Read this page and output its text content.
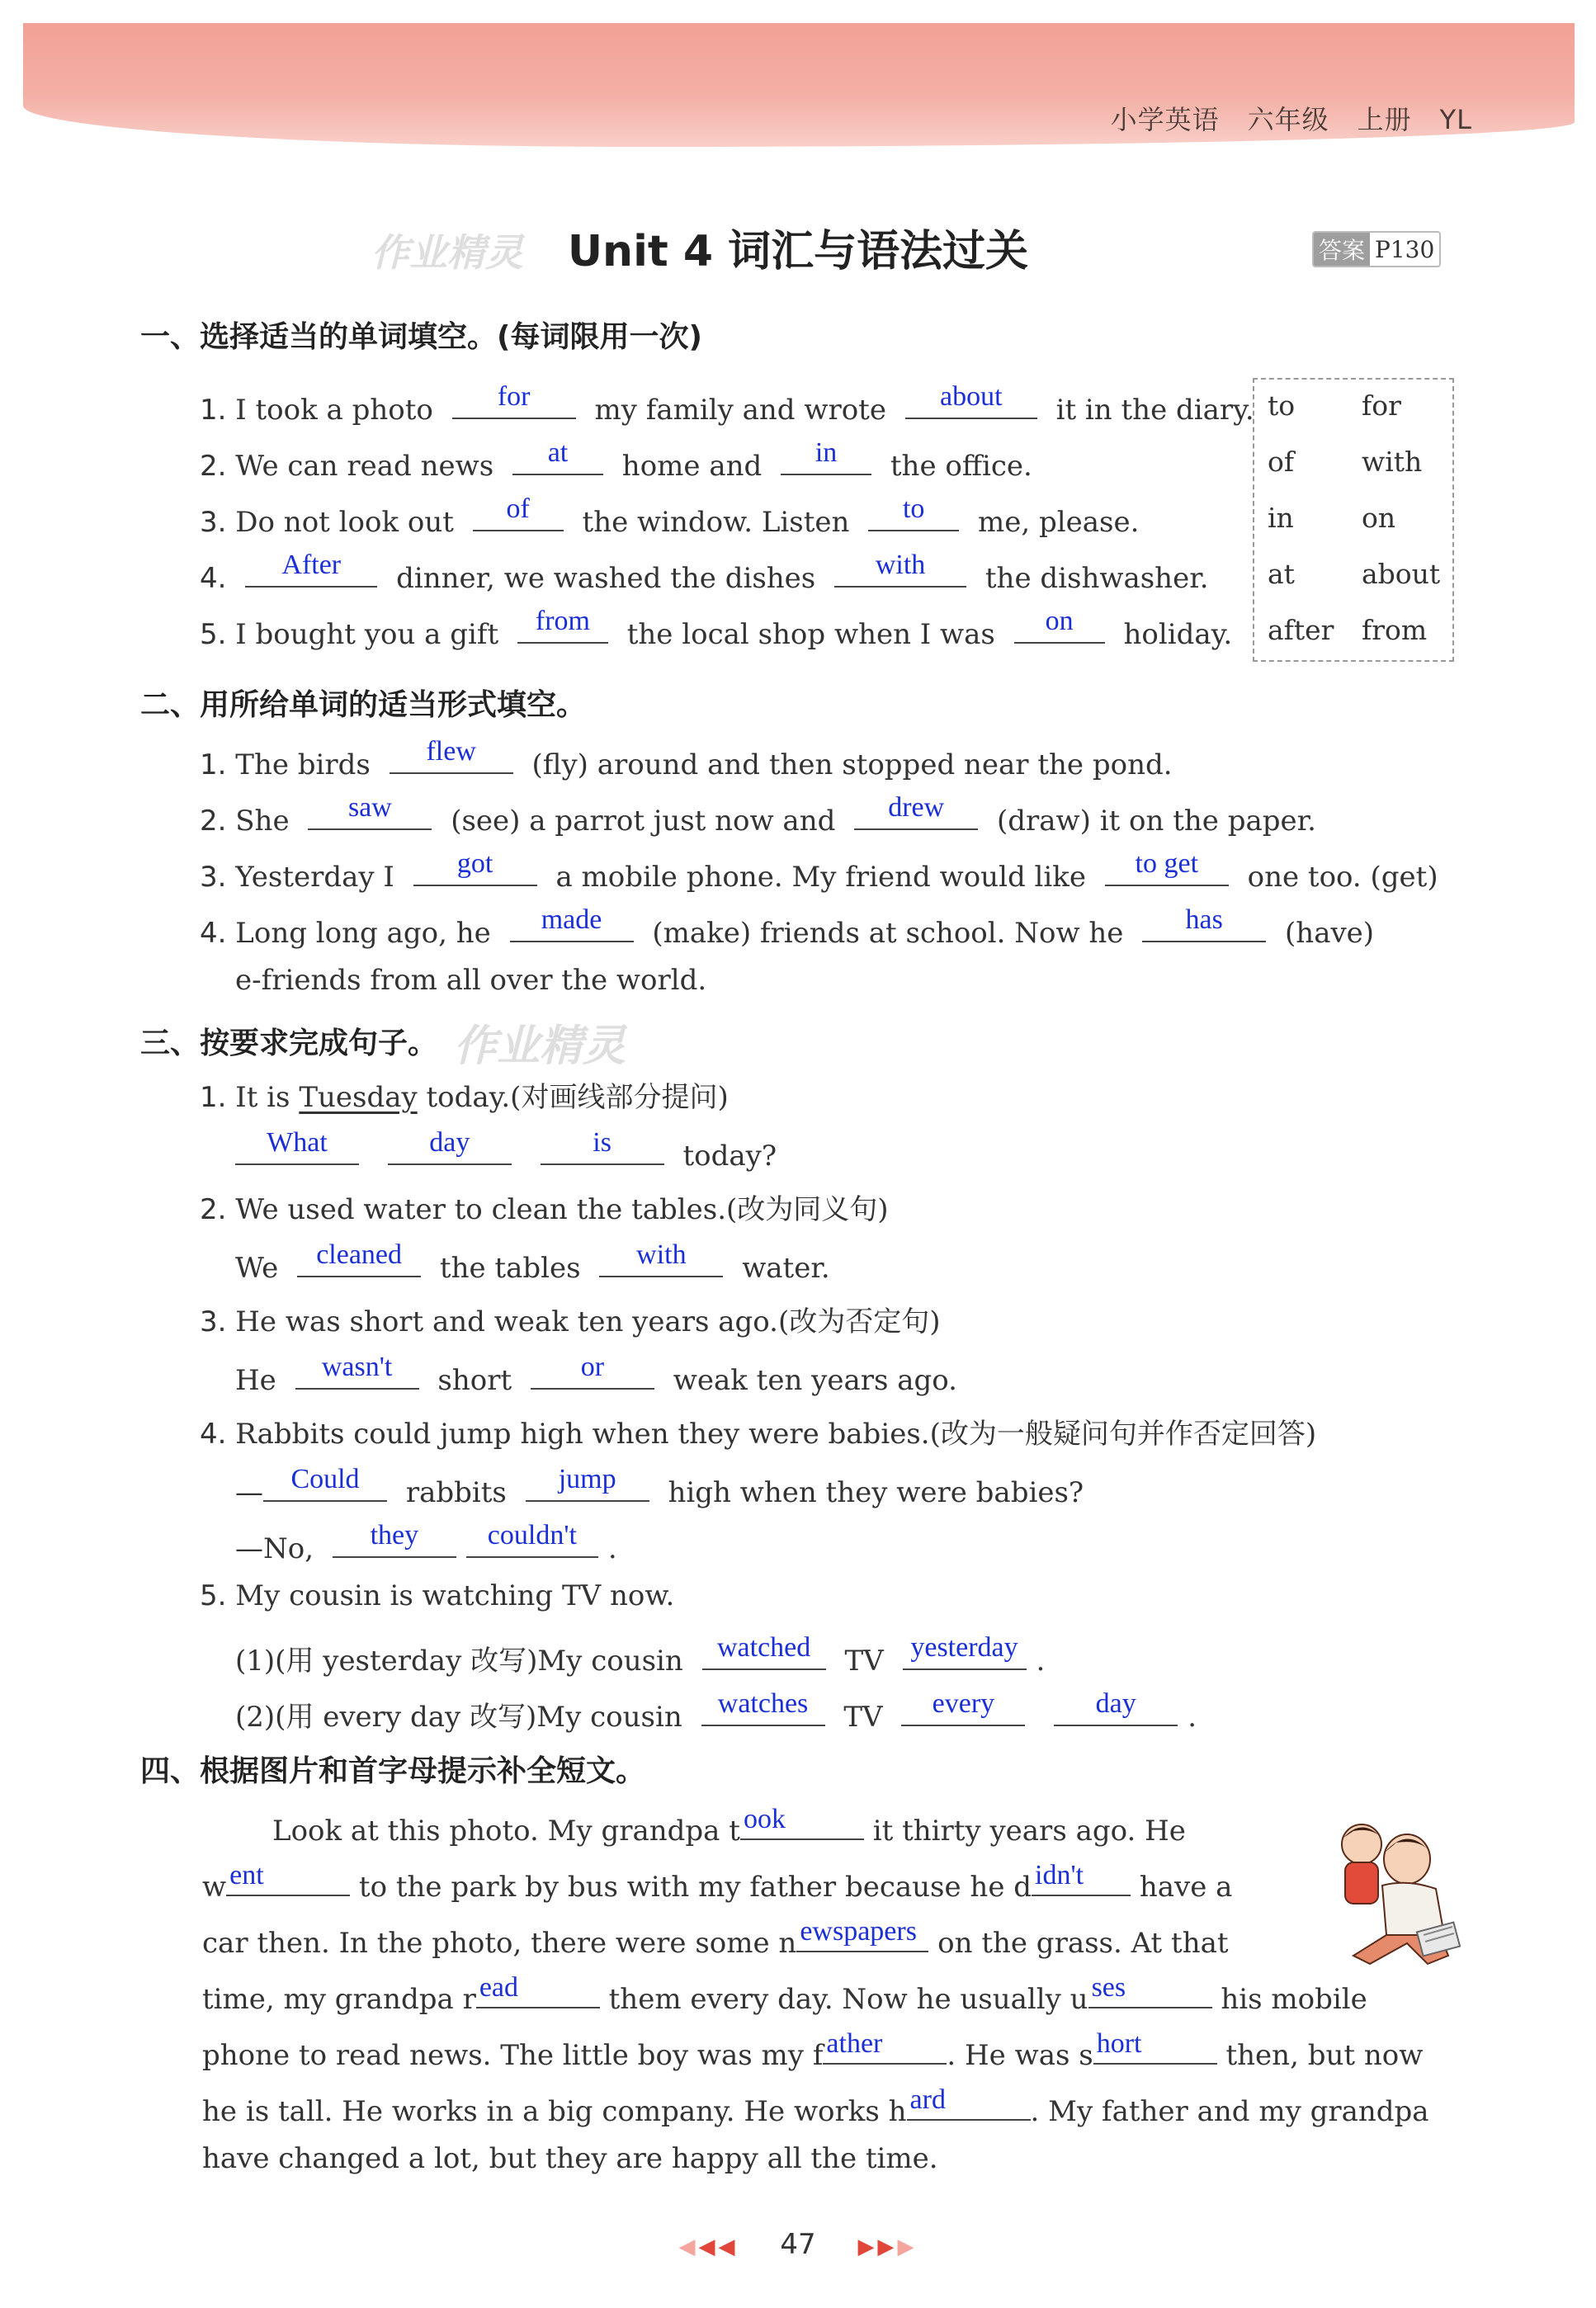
小学英语 六年级 上册 YL
作业精灵
作业精灵
Unit 4 词汇与语法过关	答案 P130
一、选择适当的单词填空。(每词限用一次)
1. I took a photo	for	my family and wrote	about	it in the diary.
2. We can read news	at	home and	in	the office.
3. Do not look out	of	the window. Listen	to	me, please.
4.	After	dinner, we washed the dishes	with	the dishwasher.
5. I bought you a gift	from	the local shop when I was	on	holiday.
to for
of with
in on
at about
after from
二、用所给单词的适当形式填空。
1. The birds	flew	(fly) around and then stopped near the pond.
2. She	saw	(see) a parrot just now and	drew	(draw) it on the paper.
3. Yesterday I	got	a mobile phone. My friend would like	to get	one too. (get)
4. Long long ago, he	made	(make) friends at school. Now he	has	(have)
e-friends from all over the world.
三、按要求完成句子。
1. It is Tuesday today.(对画线部分提问)
What
	day
	is	today?
2. We used water to clean the tables.(改为同义句)
We	cleaned	the tables	with	water.
3. He was short and weak ten years ago.(改为否定句)
He	wasn't	short	or	weak ten years ago.
4. Rabbits could jump high when they were babies.(改为一般疑问句并作否定回答)
— Could	rabbits	jump	high when they were babies?
—No,	they	couldn't	.
5. My cousin is watching TV now.
(1)(用 yesterday 改写)My cousin	watched	TV yesterday .
(2)(用 every day 改写)My cousin	watches	TV	every
	day	.
四、根据图片和首字母提示补全短文。
Look at this photo. My grandpa t ook	it thirty years ago. He
w ent	to the park by bus with my father because he d idn't have a
car then. In the photo, there were some n ewspapers on the grass. At that
time, my grandpa r ead	them every day. Now he usually u ses	his mobile
phone to read news. The little boy was my f ather . He was s hort	then, but now
he is tall. He works in a big company. He works h ard	. My father and my grandpa
have changed a lot, but they are happy all the time.
◀◀◀ 47 ▶▶▶
